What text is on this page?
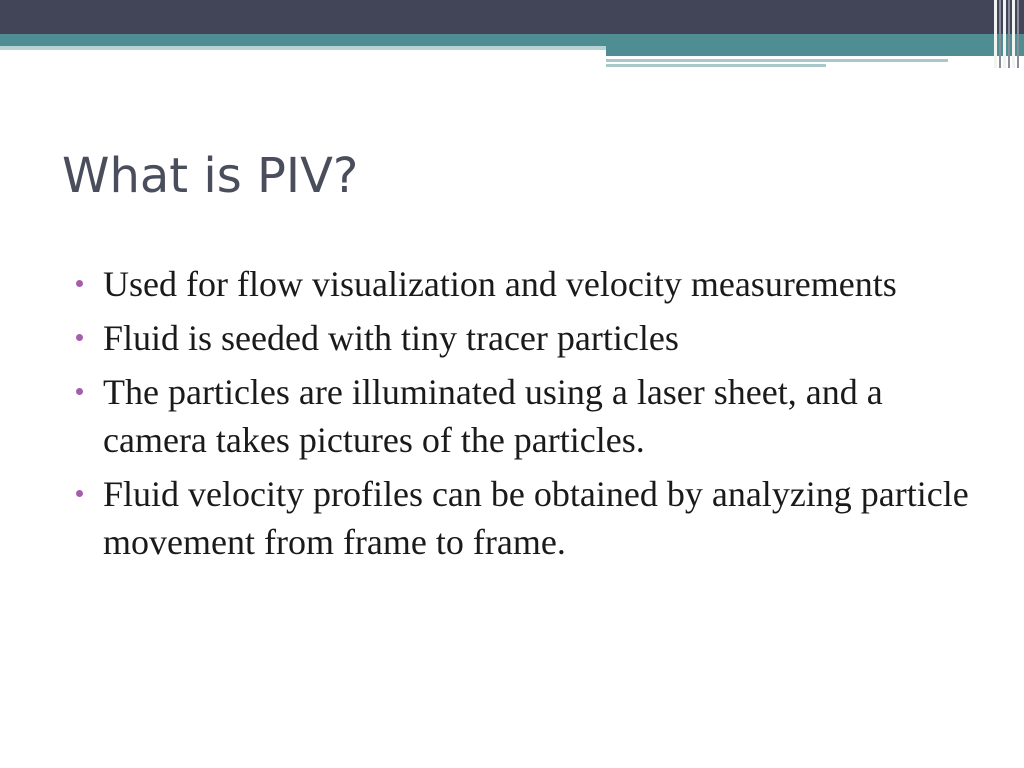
What is PIV?
Used for flow visualization and velocity measurements
Fluid is seeded with tiny tracer particles
The particles are illuminated using a laser sheet, and a camera takes pictures of the particles.
Fluid velocity profiles can be obtained by analyzing particle movement from frame to frame.
